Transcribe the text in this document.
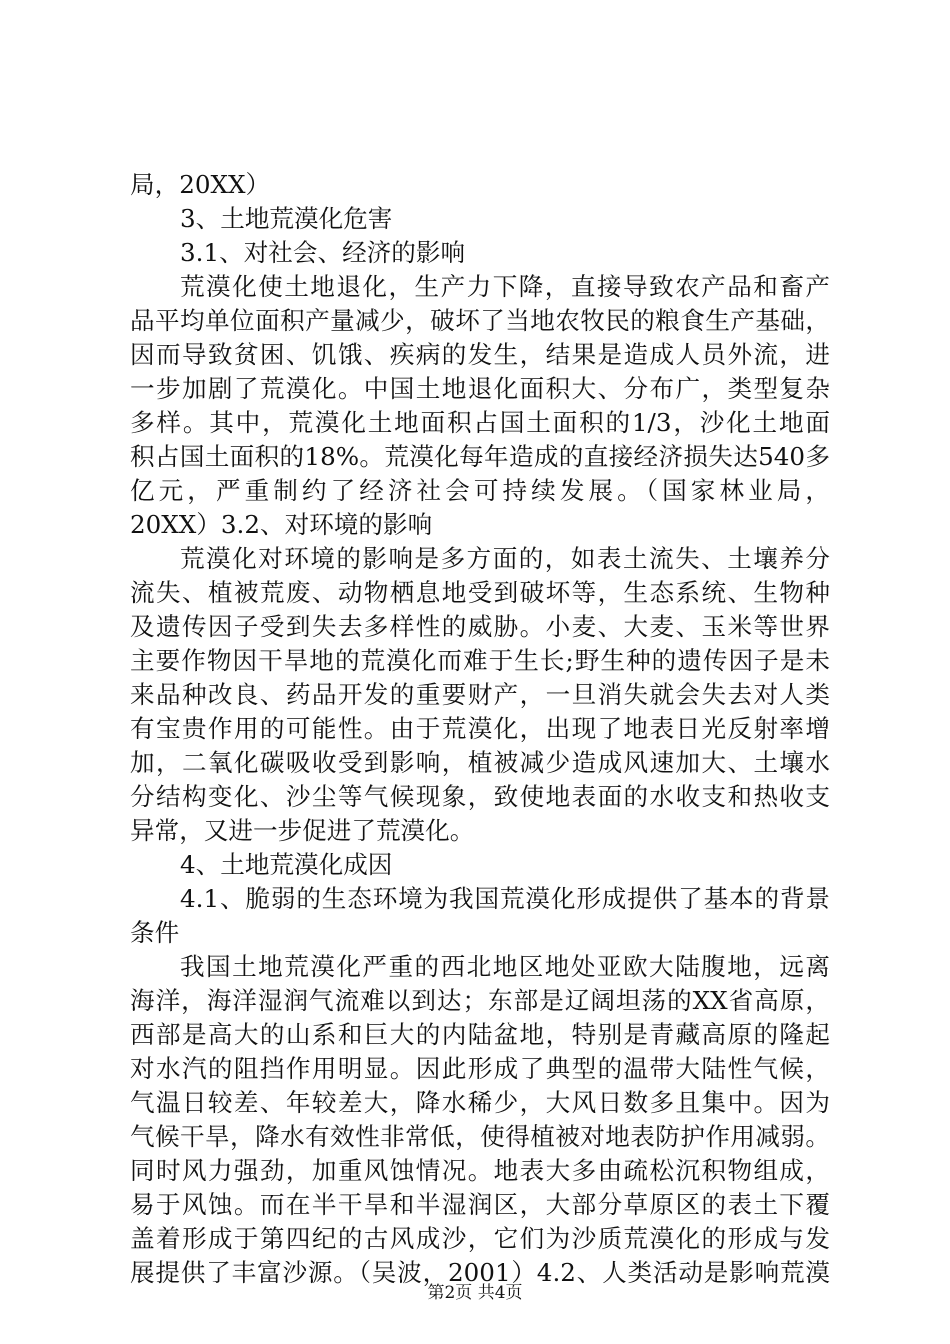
局，20XX）
3、土地荒漠化危害
3.1、对社会、经济的影响
荒漠化使土地退化，生产力下降，直接导致农产品和畜产
品平均单位面积产量减少，破坏了当地农牧民的粮食生产基础，
因而导致贫困、饥饿、疾病的发生，结果是造成人员外流，进
一步加剧了荒漠化。中国土地退化面积大、分布广，类型复杂
多样。其中，荒漠化土地面积占国土面积的1/3，沙化土地面
积占国土面积的18%。荒漠化每年造成的直接经济损失达540多
亿元，严重制约了经济社会可持续发展。（国家林业局，
20XX）3.2、对环境的影响
荒漠化对环境的影响是多方面的，如表土流失、土壤养分
流失、植被荒废、动物栖息地受到破坏等，生态系统、生物种
及遗传因子受到失去多样性的威胁。小麦、大麦、玉米等世界
主要作物因干旱地的荒漠化而难于生长;野生种的遗传因子是未
来品种改良、药品开发的重要财产，一旦消失就会失去对人类
有宝贵作用的可能性。由于荒漠化，出现了地表日光反射率增
加，二氧化碳吸收受到影响，植被减少造成风速加大、土壤水
分结构变化、沙尘等气候现象，致使地表面的水收支和热收支
异常，又进一步促进了荒漠化。
4、土地荒漠化成因
4.1、脆弱的生态环境为我国荒漠化形成提供了基本的背景
条件
我国土地荒漠化严重的西北地区地处亚欧大陆腹地，远离
海洋，海洋湿润气流难以到达；东部是辽阔坦荡的XX省高原，
西部是高大的山系和巨大的内陆盆地，特别是青藏高原的隆起
对水汽的阻挡作用明显。因此形成了典型的温带大陆性气候，
气温日较差、年较差大，降水稀少，大风日数多且集中。因为
气候干旱，降水有效性非常低，使得植被对地表防护作用减弱。
同时风力强劲，加重风蚀情况。地表大多由疏松沉积物组成，
易于风蚀。而在半干旱和半湿润区，大部分草原区的表土下覆
盖着形成于第四纪的古风成沙，它们为沙质荒漠化的形成与发
展提供了丰富沙源。（吴波，2001）4.2、人类活动是影响荒漠
第2页 共4页
